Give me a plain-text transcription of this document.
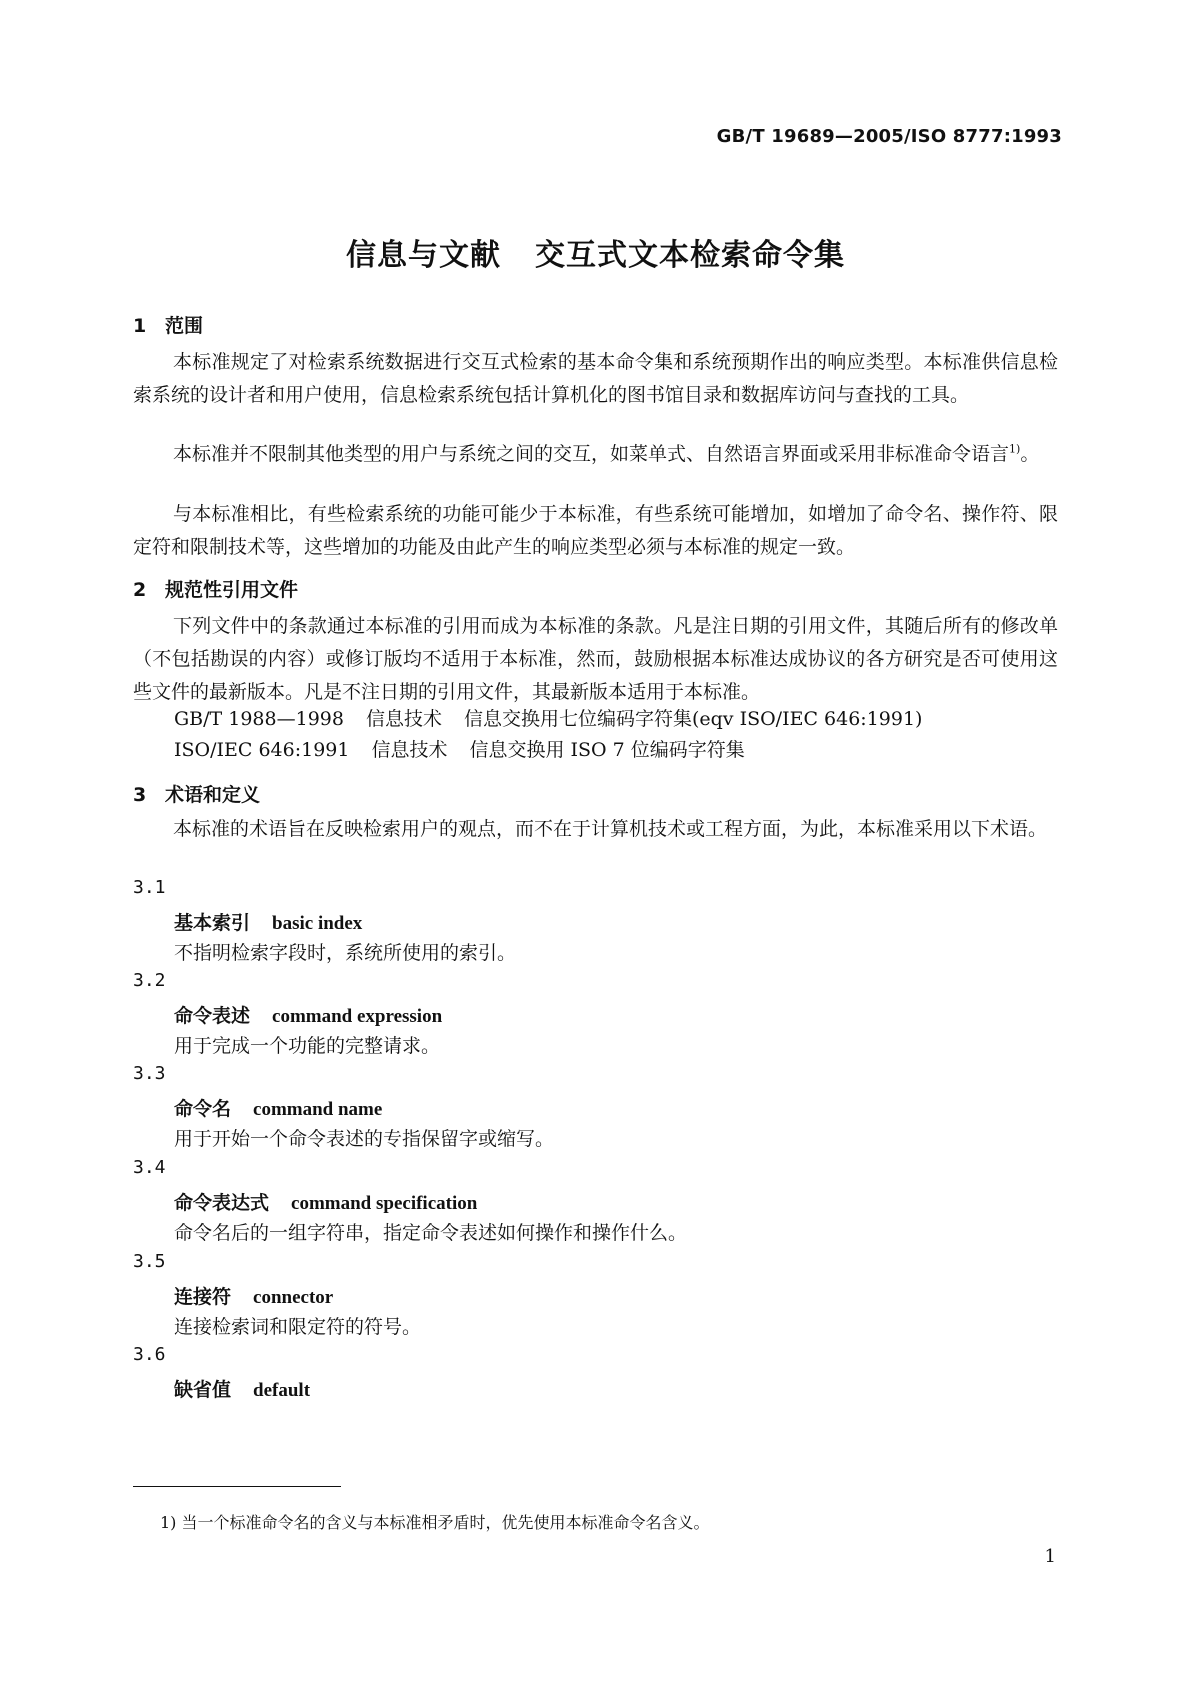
GB/T 19689—2005/ISO 8777:1993
信息与文献 交互式文本检索命令集
1 范围
本标准规定了对检索系统数据进行交互式检索的基本命令集和系统预期作出的响应类型。本标准供信息检索系统的设计者和用户使用，信息检索系统包括计算机化的图书馆目录和数据库访问与查找的工具。
本标准并不限制其他类型的用户与系统之间的交互，如菜单式、自然语言界面或采用非标准命令语言$^{1)}$。
与本标准相比，有些检索系统的功能可能少于本标准，有些系统可能增加，如增加了命令名、操作符、限定符和限制技术等，这些增加的功能及由此产生的响应类型必须与本标准的规定一致。
2 规范性引用文件
下列文件中的条款通过本标准的引用而成为本标准的条款。凡是注日期的引用文件，其随后所有的修改单（不包括勘误的内容）或修订版均不适用于本标准，然而，鼓励根据本标准达成协议的各方研究是否可使用这些文件的最新版本。凡是不注日期的引用文件，其最新版本适用于本标准。
GB/T 1988—1998 信息技术 信息交换用七位编码字符集(eqv ISO/IEC 646:1991)
ISO/IEC 646:1991 信息技术 信息交换用 ISO 7 位编码字符集
3 术语和定义
本标准的术语旨在反映检索用户的观点，而不在于计算机技术或工程方面，为此，本标准采用以下术语。
3.1
基本索引 basic index
不指明检索字段时，系统所使用的索引。
3.2
命令表述 command expression
用于完成一个功能的完整请求。
3.3
命令名 command name
用于开始一个命令表述的专指保留字或缩写。
3.4
命令表达式 command specification
命令名后的一组字符串，指定命令表述如何操作和操作什么。
3.5
连接符 connector
连接检索词和限定符的符号。
3.6
缺省值 default
1) 当一个标准命令名的含义与本标准相矛盾时，优先使用本标准命令名含义。
1
